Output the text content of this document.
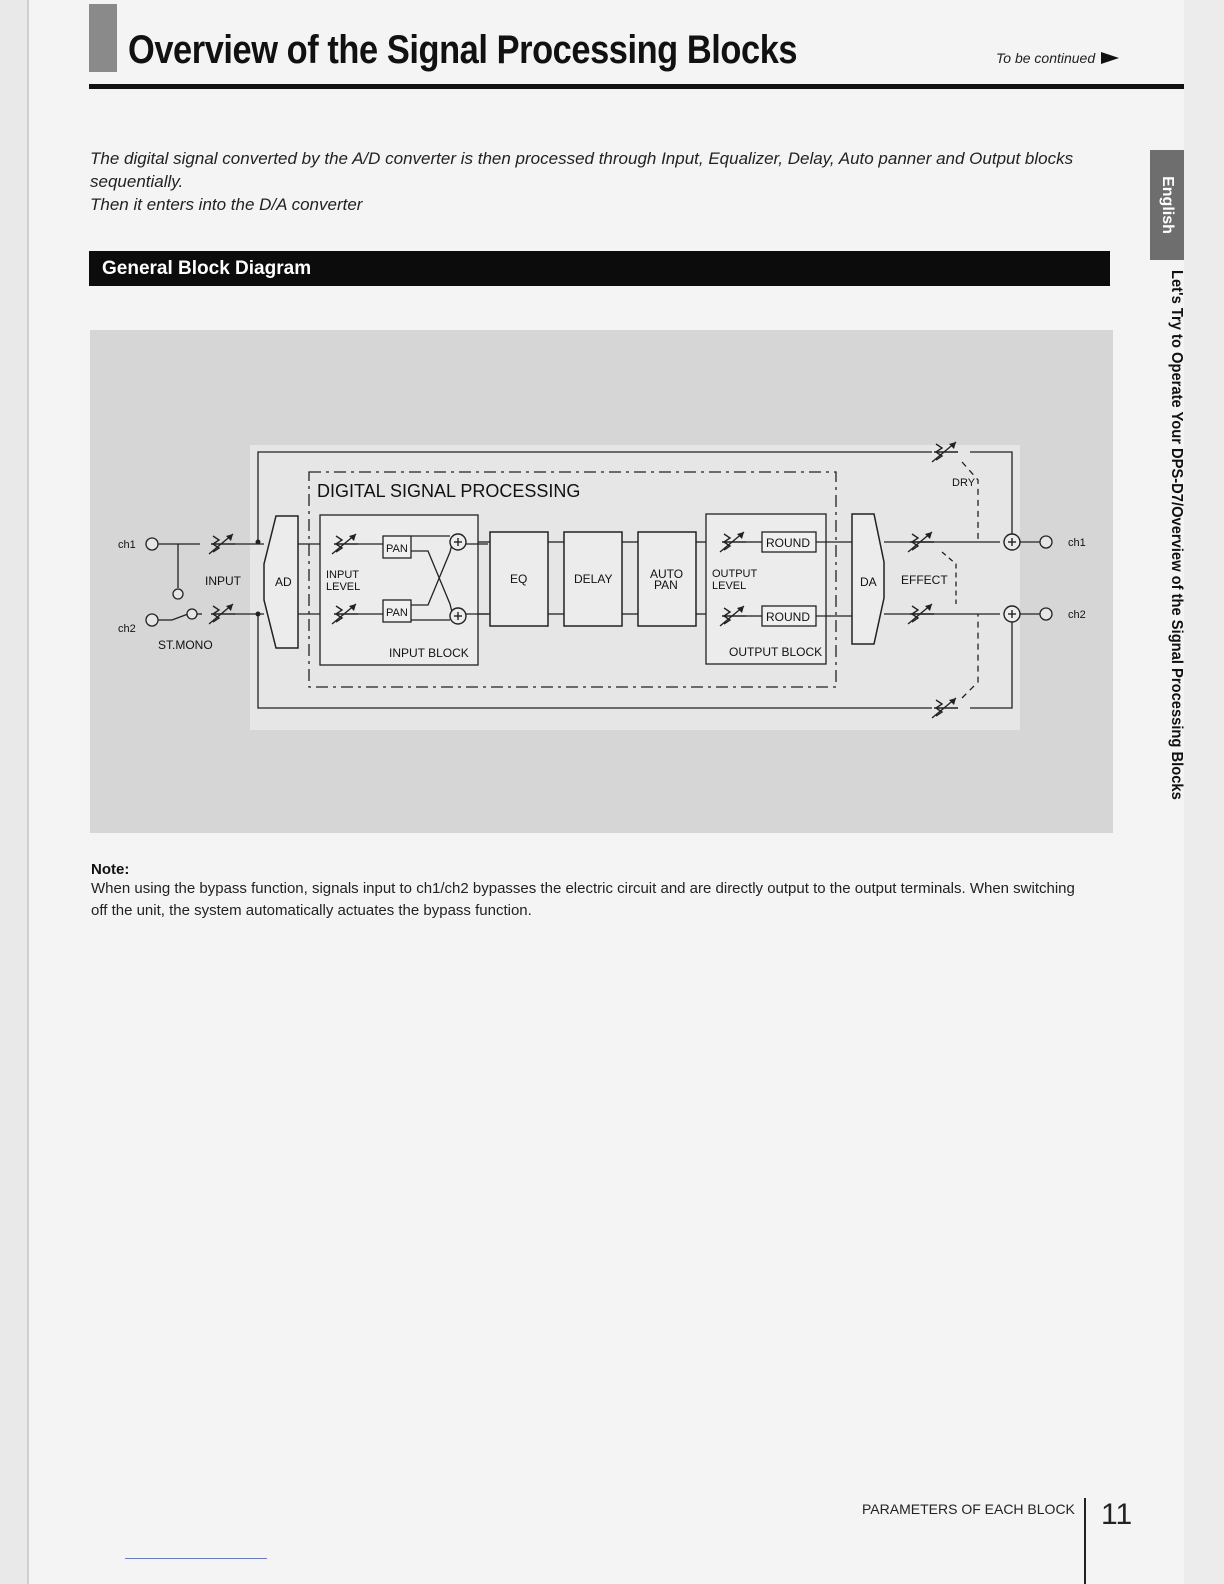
Overview of the Signal Processing Blocks	To be continued

The digital signal converted by the A/D converter is then processed through Input, Equalizer, Delay, Auto panner and Output blocks sequentially.

Then it enters into the D/A converter	English
Let's Try to Operate Your DPS-D7/Overview of the Signal Processing Blocks
General Block Diagram
DRY
DIGITAL SIGNAL PROCESSING
ch1
ch2
ST.MONO
INPUT	AD
INPUT BLOCK
INPUT
LEVEL
PAN
PAN
EQ	DELAY	AUTO
PAN
OUTPUT BLOCK
OUTPUT
LEVEL
ROUND
ROUND
DA EFFECT
ch1
ch2

Note:

When using the bypass function, signals input to ch1/ch2 bypasses the electric circuit and are directly output to the output terminals. When switching off the unit, the system automatically actuates the bypass function.

PARAMETERS OF EACH BLOCK 11
